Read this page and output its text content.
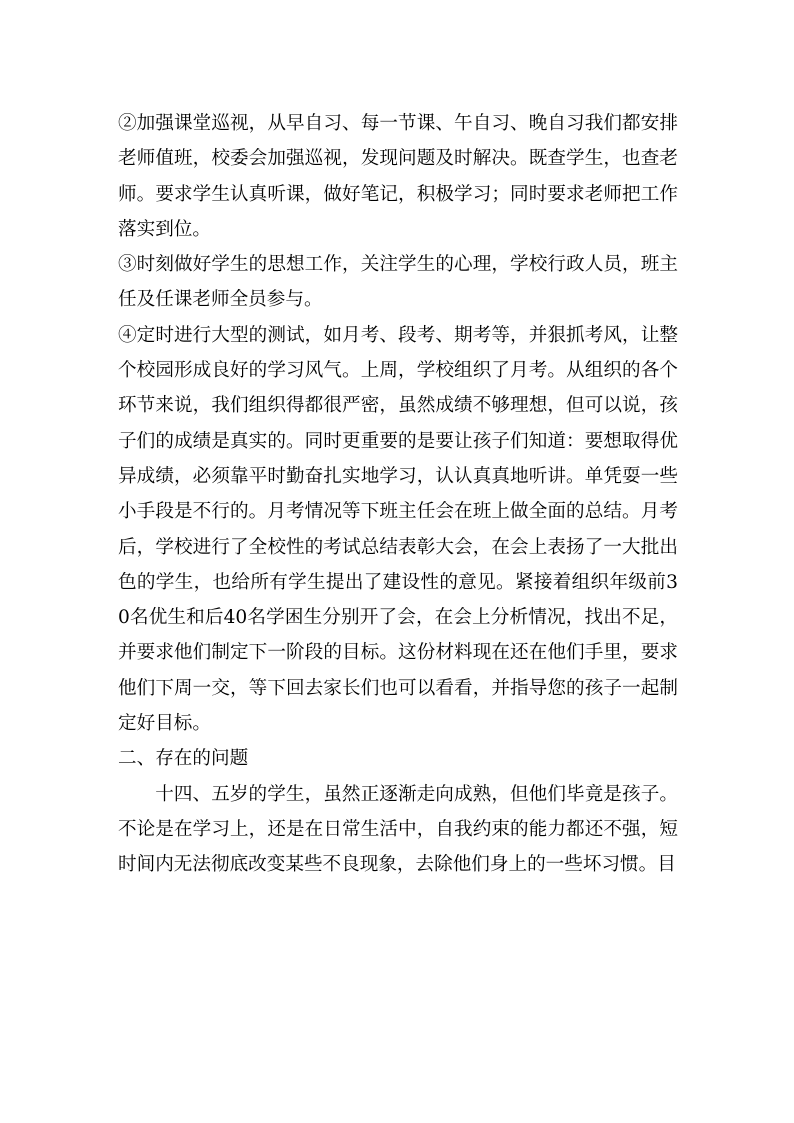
②加强课堂巡视，从早自习、每一节课、午自习、晚自习我们都安排老师值班，校委会加强巡视，发现问题及时解决。既查学生，也查老师。要求学生认真听课，做好笔记，积极学习；同时要求老师把工作落实到位。

③时刻做好学生的思想工作，关注学生的心理，学校行政人员，班主任及任课老师全员参与。

④定时进行大型的测试，如月考、段考、期考等，并狠抓考风，让整个校园形成良好的学习风气。上周，学校组织了月考。从组织的各个环节来说，我们组织得都很严密，虽然成绩不够理想，但可以说，孩子们的成绩是真实的。同时更重要的是要让孩子们知道：要想取得优异成绩，必须靠平时勤奋扎实地学习，认认真真地听讲。单凭耍一些小手段是不行的。月考情况等下班主任会在班上做全面的总结。月考后，学校进行了全校性的考试总结表彰大会，在会上表扬了一大批出色的学生，也给所有学生提出了建设性的意见。紧接着组织年级前30名优生和后40名学困生分别开了会，在会上分析情况，找出不足，并要求他们制定下一阶段的目标。这份材料现在还在他们手里，要求他们下周一交，等下回去家长们也可以看看，并指导您的孩子一起制定好目标。

二、存在的问题

十四、五岁的学生，虽然正逐渐走向成熟，但他们毕竟是孩子。不论是在学习上，还是在日常生活中，自我约束的能力都还不强，短时间内无法彻底改变某些不良现象，去除他们身上的一些坏习惯。目
